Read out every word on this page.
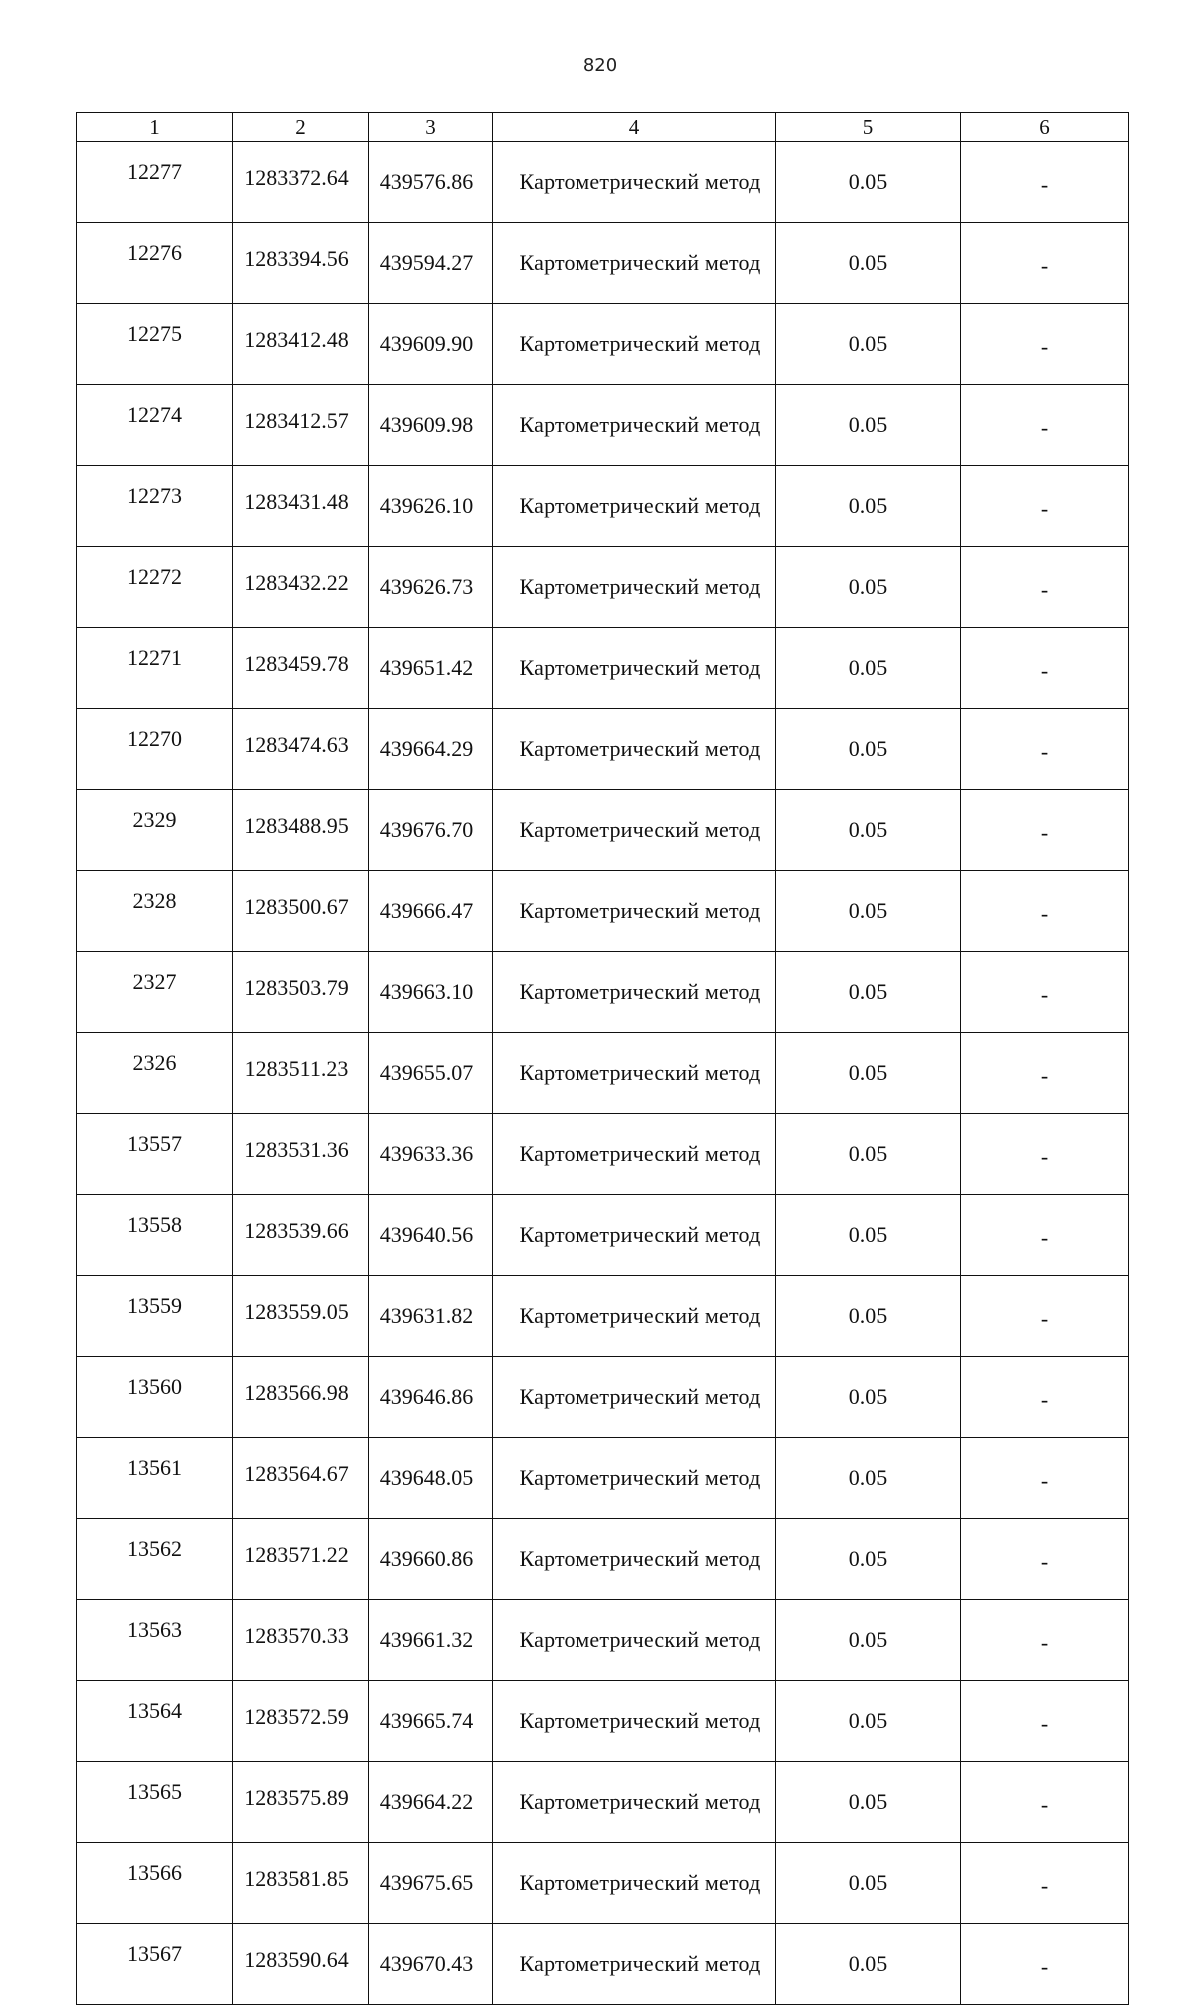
820
1	2	3	4	5	6
12277	1283372.64	439576.86	Картометрический метод	0.05	-
12276	1283394.56	439594.27	Картометрический метод	0.05	-
12275	1283412.48	439609.90	Картометрический метод	0.05	-
12274	1283412.57	439609.98	Картометрический метод	0.05	-
12273	1283431.48	439626.10	Картометрический метод	0.05	-
12272	1283432.22	439626.73	Картометрический метод	0.05	-
12271	1283459.78	439651.42	Картометрический метод	0.05	-
12270	1283474.63	439664.29	Картометрический метод	0.05	-
2329	1283488.95	439676.70	Картометрический метод	0.05	-
2328	1283500.67	439666.47	Картометрический метод	0.05	-
2327	1283503.79	439663.10	Картометрический метод	0.05	-
2326	1283511.23	439655.07	Картометрический метод	0.05	-
13557	1283531.36	439633.36	Картометрический метод	0.05	-
13558	1283539.66	439640.56	Картометрический метод	0.05	-
13559	1283559.05	439631.82	Картометрический метод	0.05	-
13560	1283566.98	439646.86	Картометрический метод	0.05	-
13561	1283564.67	439648.05	Картометрический метод	0.05	-
13562	1283571.22	439660.86	Картометрический метод	0.05	-
13563	1283570.33	439661.32	Картометрический метод	0.05	-
13564	1283572.59	439665.74	Картометрический метод	0.05	-
13565	1283575.89	439664.22	Картометрический метод	0.05	-
13566	1283581.85	439675.65	Картометрический метод	0.05	-
13567	1283590.64	439670.43	Картометрический метод	0.05	-
